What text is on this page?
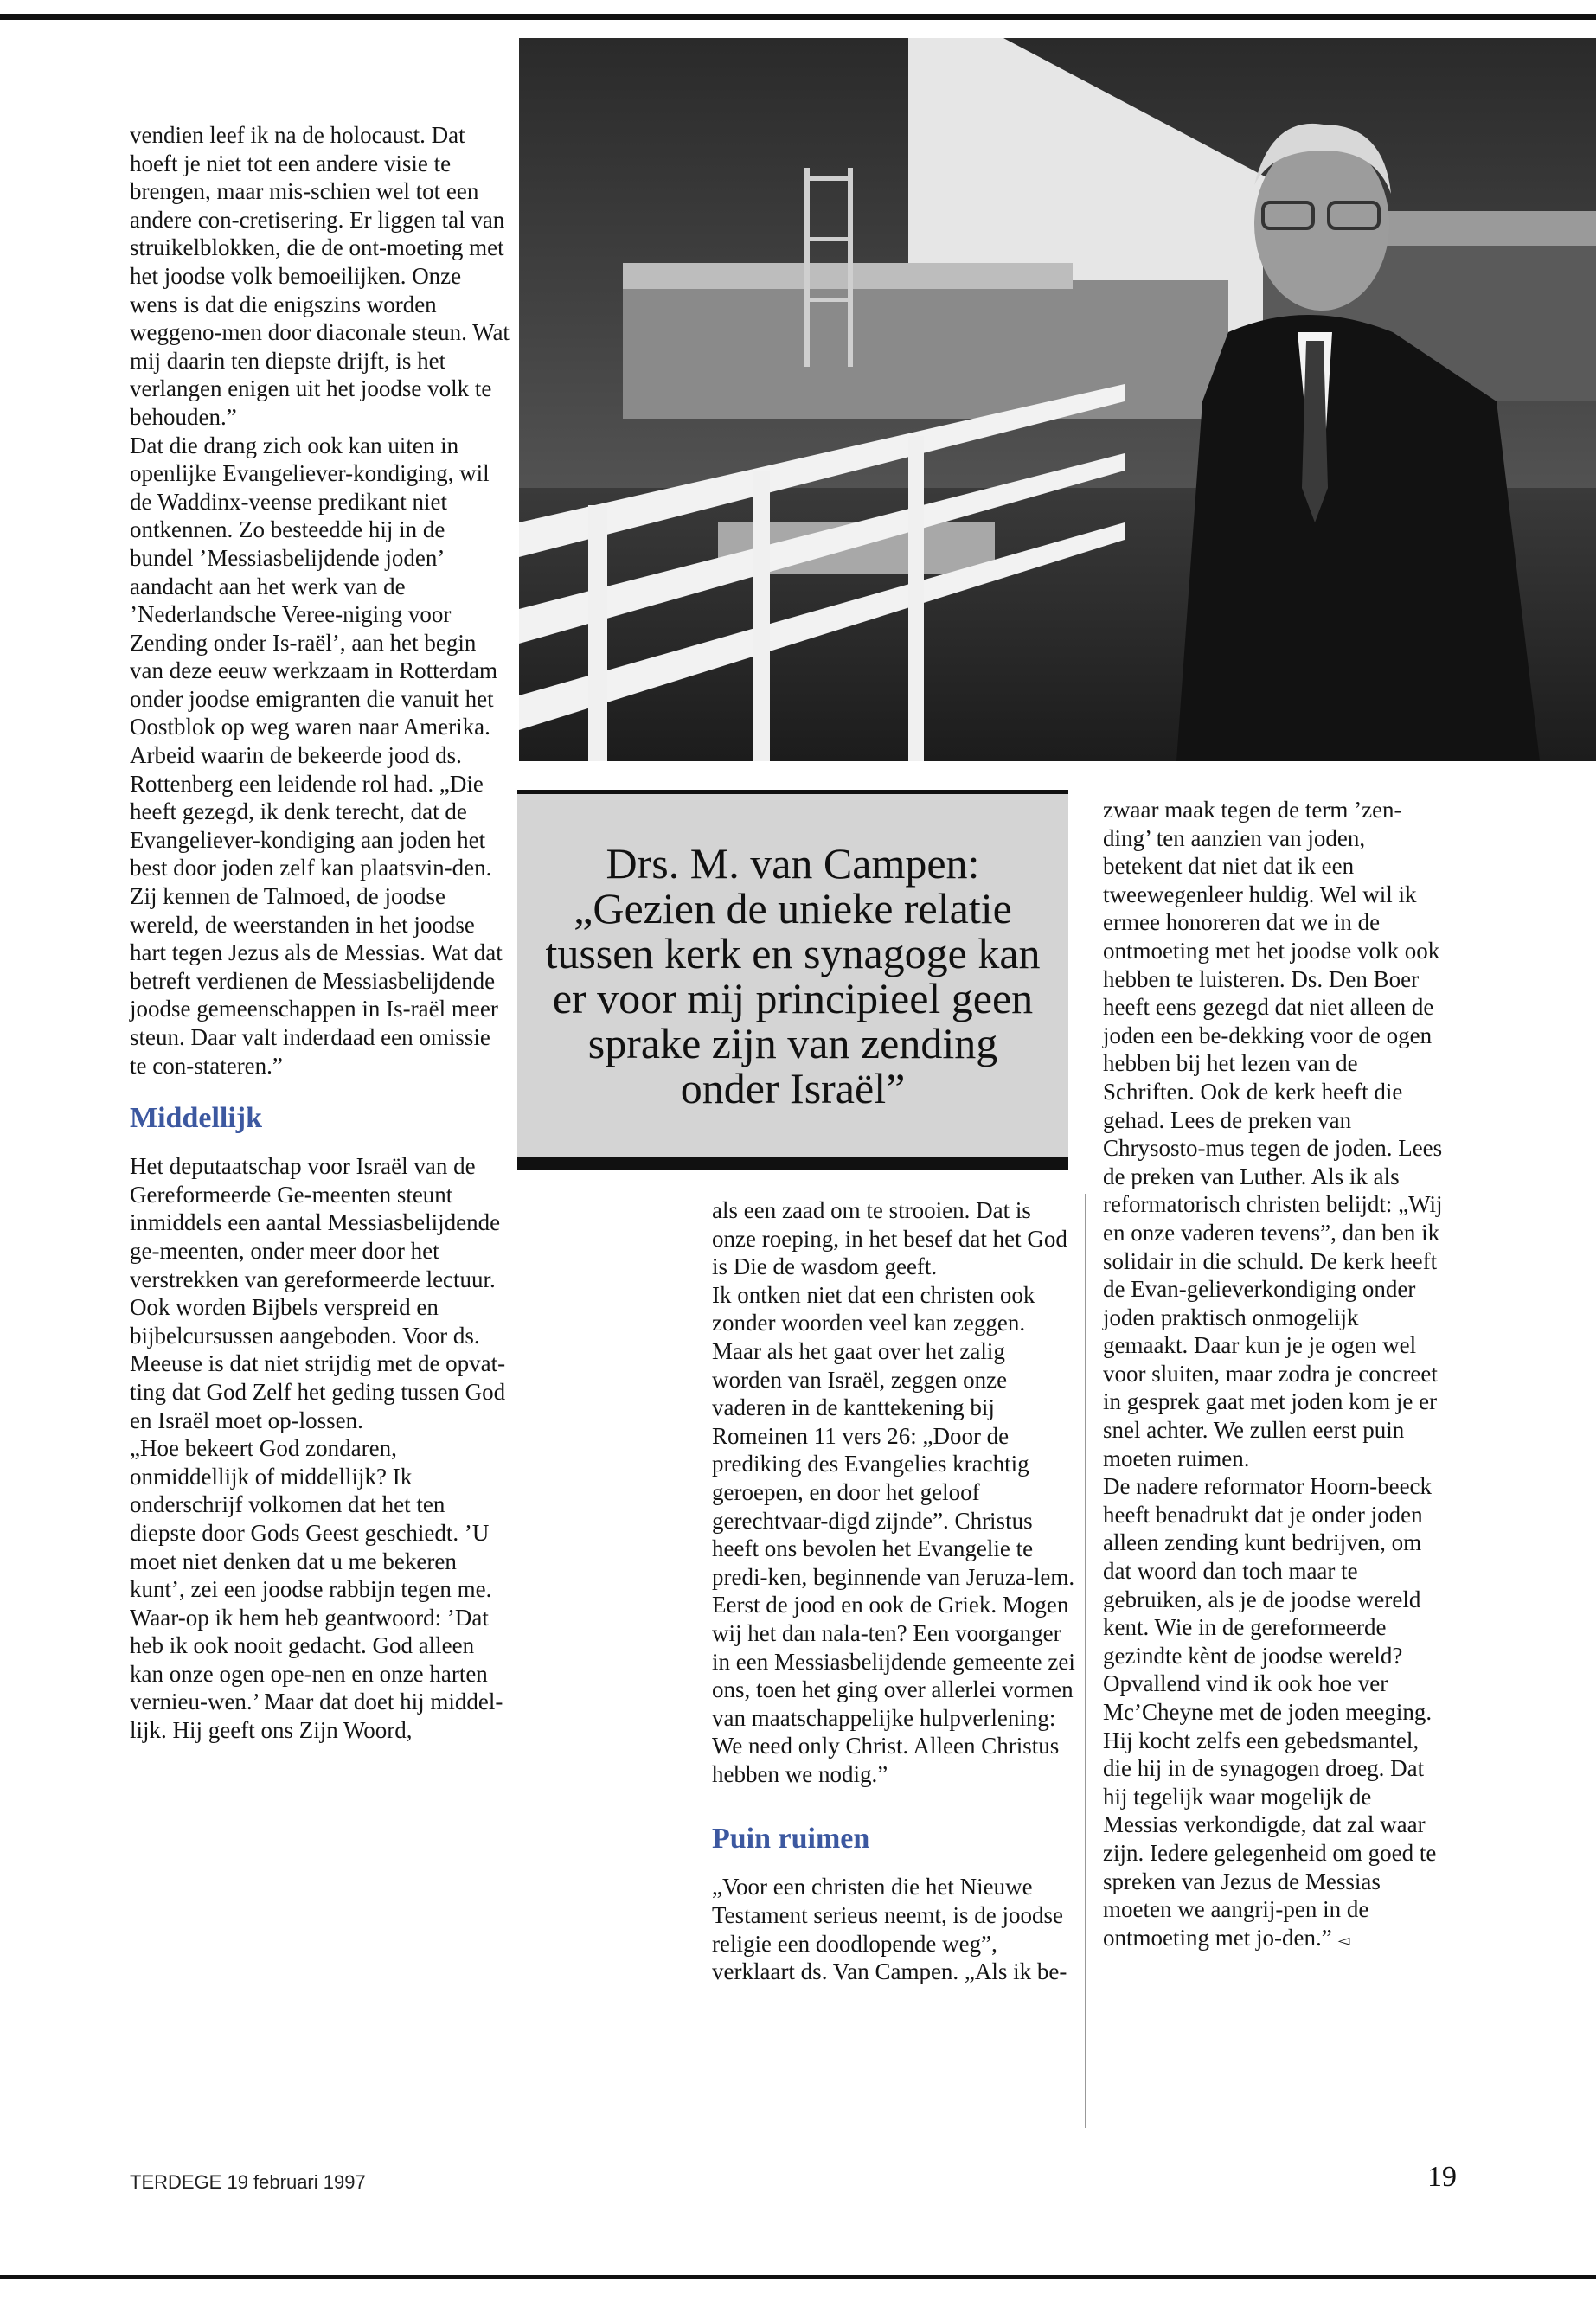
vendien leef ik na de holocaust. Dat hoeft je niet tot een andere visie te brengen, maar mis-schien wel tot een andere con-cretisering. Er liggen tal van struikelblokken, die de ont-moeting met het joodse volk bemoeilijken. Onze wens is dat die enigszins worden weggeno-men door diaconale steun. Wat mij daarin ten diepste drijft, is het verlangen enigen uit het joodse volk te behouden.”

Dat die drang zich ook kan uiten in openlijke Evangeliever-kondiging, wil de Waddinx-veense predikant niet ontkennen. Zo besteedde hij in de bundel ’Messiasbelijdende joden’ aandacht aan het werk van de ’Nederlandsche Veree-niging voor Zending onder Is-raël’, aan het begin van deze eeuw werkzaam in Rotterdam onder joodse emigranten die vanuit het Oostblok op weg waren naar Amerika. Arbeid waarin de bekeerde jood ds. Rottenberg een leidende rol had. „Die heeft gezegd, ik denk terecht, dat de Evangeliever-kondiging aan joden het best door joden zelf kan plaatsvin-den. Zij kennen de Talmoed, de joodse wereld, de weerstanden in het joodse hart tegen Jezus als de Messias. Wat dat betreft verdienen de Messiasbelijdende joodse gemeenschappen in Is-raël meer steun. Daar valt inderdaad een omissie te con-stateren.”

Middellijk

Het deputaatschap voor Israël van de Gereformeerde Ge-meenten steunt inmiddels een aantal Messiasbelijdende ge-meenten, onder meer door het verstrekken van gereformeerde lectuur. Ook worden Bijbels verspreid en bijbelcursussen aangeboden. Voor ds. Meeuse is dat niet strijdig met de opvat-ting dat God Zelf het geding tussen God en Israël moet op-lossen.

„Hoe bekeert God zondaren, onmiddellijk of middellijk? Ik onderschrijf volkomen dat het ten diepste door Gods Geest geschiedt. ’U moet niet denken dat u me bekeren kunt’, zei een joodse rabbijn tegen me. Waar-op ik hem heb geantwoord: ’Dat heb ik ook nooit gedacht. God alleen kan onze ogen ope-nen en onze harten vernieu-wen.’ Maar dat doet hij middel-lijk. Hij geeft ons Zijn Woord,

Drs. M. van Campen: „Gezien de unieke relatie tussen kerk en synagoge kan er voor mij principieel geen sprake zijn van zending onder Israël”

als een zaad om te strooien. Dat is onze roeping, in het besef dat het God is Die de wasdom geeft.

Ik ontken niet dat een christen ook zonder woorden veel kan zeggen. Maar als het gaat over het zalig worden van Israël, zeggen onze vaderen in de kanttekening bij Romeinen 11 vers 26: „Door de prediking des Evangelies krachtig geroepen, en door het geloof gerechtvaar-digd zijnde”. Christus heeft ons bevolen het Evangelie te predi-ken, beginnende van Jeruza-lem. Eerst de jood en ook de Griek. Mogen wij het dan nala-ten? Een voorganger in een Messiasbelijdende gemeente zei ons, toen het ging over allerlei vormen van maatschappelijke hulpverlening: We need only Christ. Alleen Christus hebben we nodig.”

Puin ruimen

„Voor een christen die het Nieuwe Testament serieus neemt, is de joodse religie een doodlopende weg”, verklaart ds. Van Campen. „Als ik be-

zwaar maak tegen de term ’zen-ding’ ten aanzien van joden, betekent dat niet dat ik een tweewegenleer huldig. Wel wil ik ermee honoreren dat we in de ontmoeting met het joodse volk ook hebben te luisteren. Ds. Den Boer heeft eens gezegd dat niet alleen de joden een be-dekking voor de ogen hebben bij het lezen van de Schriften. Ook de kerk heeft die gehad. Lees de preken van Chrysosto-mus tegen de joden. Lees de preken van Luther. Als ik als reformatorisch christen belijdt: „Wij en onze vaderen tevens”, dan ben ik solidair in die schuld. De kerk heeft de Evan-gelieverkondiging onder joden praktisch onmogelijk gemaakt. Daar kun je je ogen wel voor sluiten, maar zodra je concreet in gesprek gaat met joden kom je er snel achter. We zullen eerst puin moeten ruimen.

De nadere reformator Hoorn-beeck heeft benadrukt dat je onder joden alleen zending kunt bedrijven, om dat woord dan toch maar te gebruiken, als je de joodse wereld kent. Wie in de gereformeerde gezindte kènt de joodse wereld? Opvallend vind ik ook hoe ver Mc’Cheyne met de joden meeging. Hij kocht zelfs een gebedsmantel, die hij in de synagogen droeg. Dat hij tegelijk waar mogelijk de Messias verkondigde, dat zal waar zijn. Iedere gelegenheid om goed te spreken van Jezus de Messias moeten we aangrij-pen in de ontmoeting met jo-den.” ◅

TERDEGE 19 februari 1997	19
